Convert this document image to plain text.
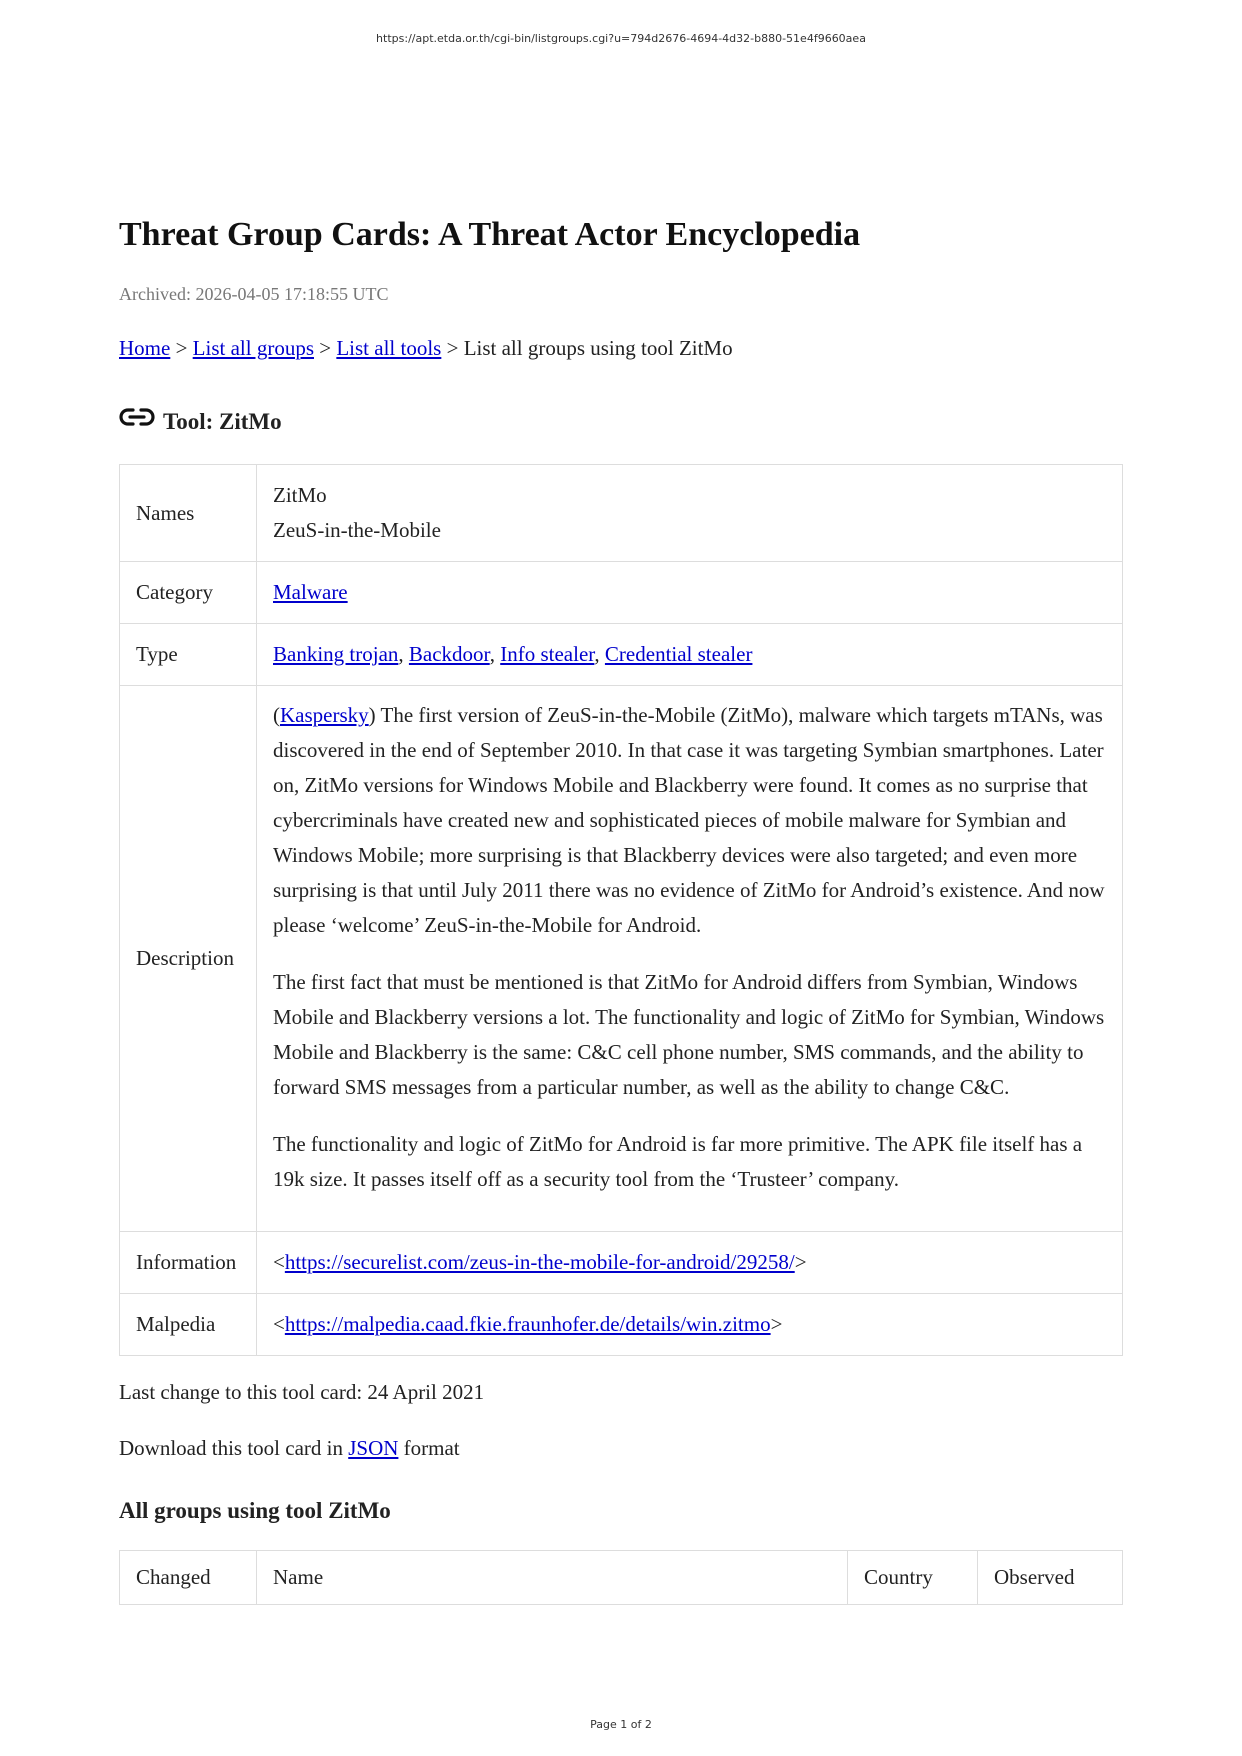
https://apt.etda.or.th/cgi-bin/listgroups.cgi?u=794d2676-4694-4d32-b880-51e4f9660aea
Threat Group Cards: A Threat Actor Encyclopedia
Archived: 2026-04-05 17:18:55 UTC
Home > List all groups > List all tools > List all groups using tool ZitMo
Tool: ZitMo
Names	ZitMo
ZeuS-in-the-Mobile
Category	Malware
Type	Banking trojan, Backdoor, Info stealer, Credential stealer
Description	(Kaspersky) The first version of ZeuS-in-the-Mobile (ZitMo), malware which targets mTANs, was discovered in the end of September 2010. In that case it was targeting Symbian smartphones. Later on, ZitMo versions for Windows Mobile and Blackberry were found. It comes as no surprise that cybercriminals have created new and sophisticated pieces of mobile malware for Symbian and Windows Mobile; more surprising is that Blackberry devices were also targeted; and even more surprising is that until July 2011 there was no evidence of ZitMo for Android’s existence. And now please ‘welcome’ ZeuS-in-the-Mobile for Android.

The first fact that must be mentioned is that ZitMo for Android differs from Symbian, Windows Mobile and Blackberry versions a lot. The functionality and logic of ZitMo for Symbian, Windows Mobile and Blackberry is the same: C&C cell phone number, SMS commands, and the ability to forward SMS messages from a particular number, as well as the ability to change C&C.

The functionality and logic of ZitMo for Android is far more primitive. The APK file itself has a 19k size. It passes itself off as a security tool from the ‘Trusteer’ company.

Information	<https://securelist.com/zeus-in-the-mobile-for-android/29258/>
Malpedia	<https://malpedia.caad.fkie.fraunhofer.de/details/win.zitmo>
Last change to this tool card: 24 April 2021
Download this tool card in JSON format
All groups using tool ZitMo
Changed	Name	Country	Observed
Page 1 of 2
